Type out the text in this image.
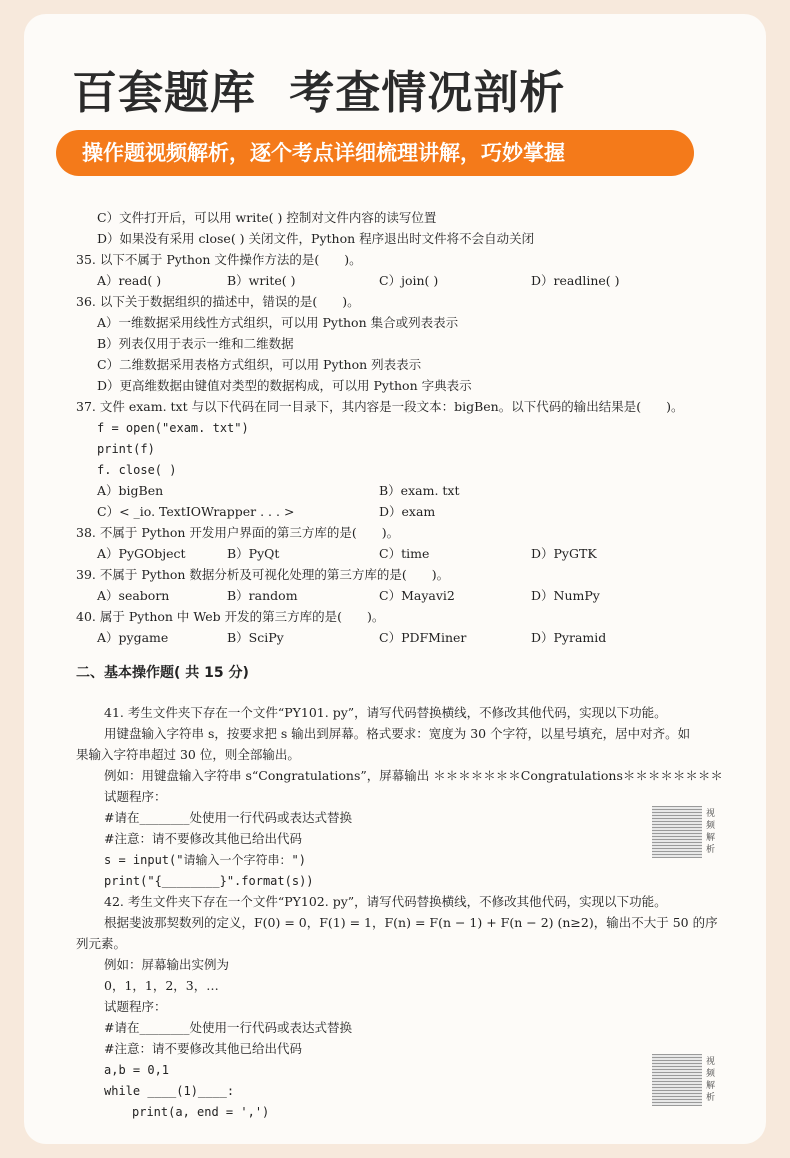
百套题库  考查情况剖析
操作题视频解析，逐个考点详细梳理讲解，巧妙掌握
C）文件打开后，可以用 write( ) 控制对文件内容的读写位置
D）如果没有采用 close( ) 关闭文件，Python 程序退出时文件将不会自动关闭
35. 以下不属于 Python 文件操作方法的是(　　)。
A）read( )	B）write( )	C）join( )	D）readline( )
36. 以下关于数据组织的描述中，错误的是(　　)。
A）一维数据采用线性方式组织，可以用 Python 集合或列表表示
B）列表仅用于表示一维和二维数据
C）二维数据采用表格方式组织，可以用 Python 列表表示
D）更高维数据由键值对类型的数据构成，可以用 Python 字典表示
37. 文件 exam. txt 与以下代码在同一目录下，其内容是一段文本：bigBen。以下代码的输出结果是(　　)。
f = open("exam. txt")
print(f)
f. close( )
A）bigBen	B）exam. txt
C）< _io. TextIOWrapper . . . >	D）exam
38. 不属于 Python 开发用户界面的第三方库的是(　　)。
A）PyGObject	B）PyQt	C）time	D）PyGTK
39. 不属于 Python 数据分析及可视化处理的第三方库的是(　　)。
A）seaborn	B）random	C）Mayavi2	D）NumPy
40. 属于 Python 中 Web 开发的第三方库的是(　　)。
A）pygame	B）SciPy	C）PDFMiner	D）Pyramid
二、基本操作题( 共 15 分)
41. 考生文件夹下存在一个文件“PY101. py”，请写代码替换横线，不修改其他代码，实现以下功能。
用键盘输入字符串 s，按要求把 s 输出到屏幕。格式要求：宽度为 30 个字符，以星号填充，居中对齐。如
果输入字符串超过 30 位，则全部输出。
例如：用键盘输入字符串 s“Congratulations”，屏幕输出 ＊＊＊＊＊＊＊Congratulations＊＊＊＊＊＊＊＊
试题程序：
#请在________处使用一行代码或表达式替换
#注意：请不要修改其他已给出代码
s = input("请输入一个字符串：")
print("{________}".format(s))
视频解析
42. 考生文件夹下存在一个文件“PY102. py”，请写代码替换横线，不修改其他代码，实现以下功能。
根据斐波那契数列的定义，F(0) = 0，F(1) = 1，F(n) = F(n − 1) + F(n − 2) (n≥2)，输出不大于 50 的序
列元素。
例如：屏幕输出实例为
0，1，1，2，3，…
试题程序：
#请在________处使用一行代码或表达式替换
#注意：请不要修改其他已给出代码
a,b = 0,1
while ____(1)____:
print(a, end = ',')
视频解析
